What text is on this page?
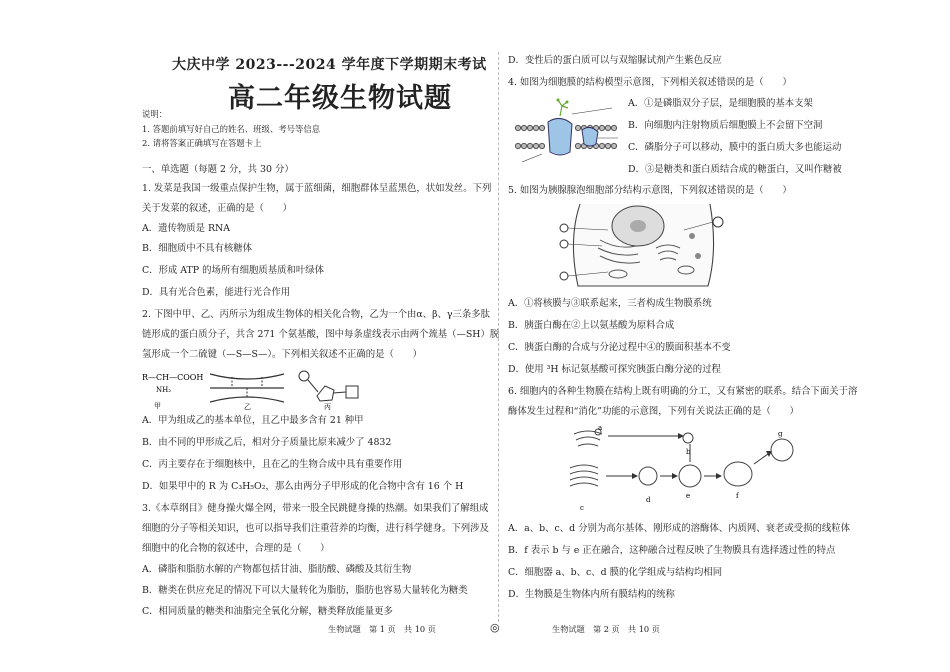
大庆中学 2023---2024 学年度下学期期末考试
高二年级生物试题
说明：
1. 答题前填写好自己的姓名、班级、考号等信息
2. 请将答案正确填写在答题卡上
一、单选题（每题 2 分，共 30 分）
1. 发菜是我国一级重点保护生物，属于蓝细菌，细胞群体呈蓝黑色，状如发丝。下列
关于发菜的叙述，正确的是（　　）
A．遗传物质是 RNA
B．细胞质中不具有核糖体
C．形成 ATP 的场所有细胞质基质和叶绿体
D．具有光合色素，能进行光合作用
2. 下图中甲、乙、丙所示为组成生物体的相关化合物，乙为一个由α、β、γ三条多肽
链形成的蛋白质分子，共含 271 个氨基酸，图中每条虚线表示由两个巯基（—SH）脱
氢形成一个二硫键（—S—S—）。下列相关叙述不正确的是（　　）
R—CH—COOH
NH₂
甲	乙	丙
A．甲为组成乙的基本单位，且乙中最多含有 21 种甲
B．由不同的甲形成乙后，相对分子质量比原来减少了 4832
C．丙主要存在于细胞核中，且在乙的生物合成中具有重要作用
D．如果甲中的 R 为 C₃H₅O₂，那么由两分子甲形成的化合物中含有 16 个 H
3.《本草纲目》健身操火爆全网，带来一股全民跳健身操的热潮。如果我们了解组成
细胞的分子等相关知识，也可以指导我们注重营养的均衡，进行科学健身。下列涉及
细胞中的化合物的叙述中，合理的是（　　）
A．磷脂和脂肪水解的产物都包括甘油、脂肪酸、磷酸及其衍生物
B．糖类在供应充足的情况下可以大量转化为脂肪，脂肪也容易大量转化为糖类
C．相同质量的糖类和油脂完全氧化分解，糖类释放能量更多
D．变性后的蛋白质可以与双缩脲试剂产生紫色反应
4. 如图为细胞膜的结构模型示意图，下列相关叙述错误的是（　　）
A．①是磷脂双分子层，是细胞膜的基本支架
B．向细胞内注射物质后细胞膜上不会留下空洞
C．磷脂分子可以移动，膜中的蛋白质大多也能运动
D．③是糖类和蛋白质结合成的糖蛋白，又叫作糖被
5. 如图为胰腺腺泡细胞部分结构示意图，下列叙述错误的是（　　）
A．①将核膜与③联系起来，三者构成生物膜系统
B．胰蛋白酶在②上以氨基酸为原料合成
C．胰蛋白酶的合成与分泌过程中④的膜面积基本不变
D．使用 ³H 标记氨基酸可探究胰蛋白酶分泌的过程
6. 细胞内的各种生物膜在结构上既有明确的分工，又有紧密的联系。结合下面关于溶
酶体发生过程和“消化”功能的示意图，下列有关说法正确的是（　　）
a
b
c
d	e	f
g
A．a、b、c、d 分别为高尔基体、刚形成的溶酶体、内质网、衰老或受损的线粒体
B．f 表示 b 与 e 正在融合，这种融合过程反映了生物膜具有选择透过性的特点
C．细胞器 a、b、c、d 膜的化学组成与结构均相同
D．生物膜是生物体内所有膜结构的统称
生物试题　第 1 页　共 10 页	◎	生物试题　第 2 页　共 10 页
